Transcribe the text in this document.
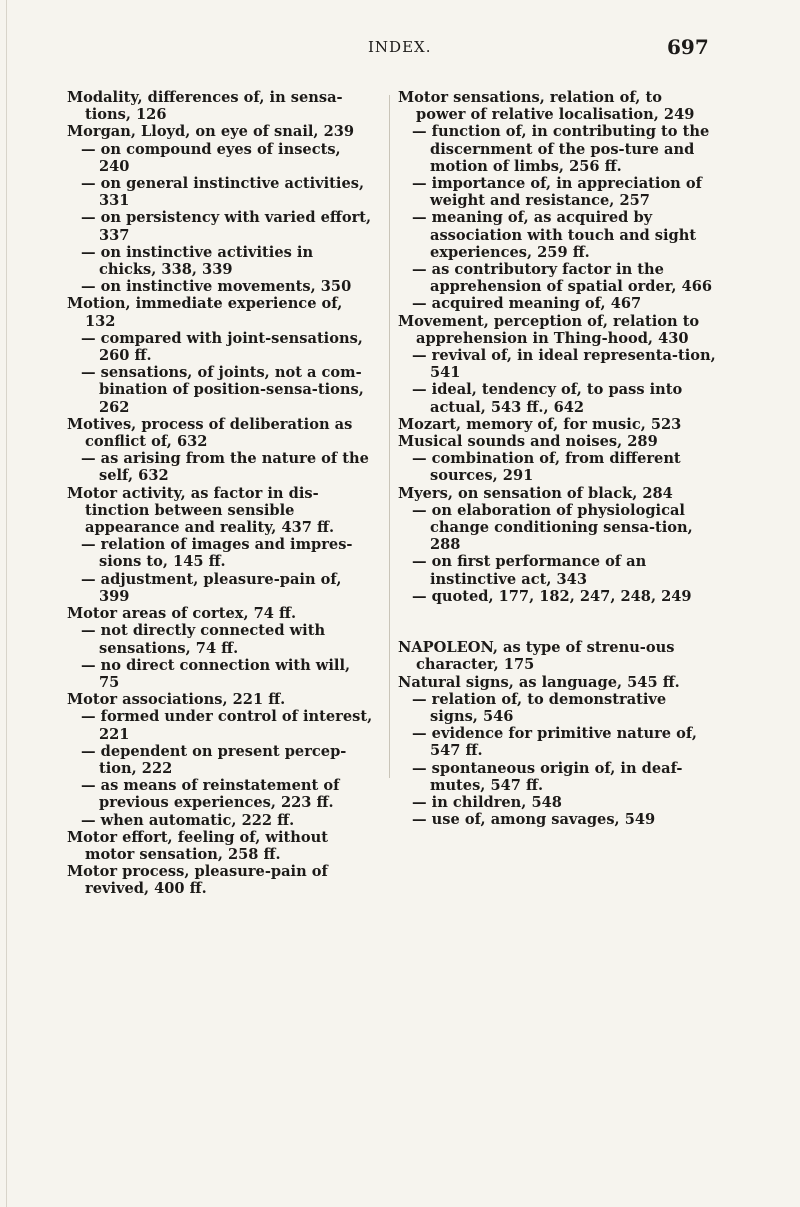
INDEX.	697

Modality, differences of, in sensa-tions, 126

Morgan, Lloyd, on eye of snail, 239

— on compound eyes of insects, 240

— on general instinctive activities, 331

— on persistency with varied effort, 337

— on instinctive activities in chicks, 338, 339

— on instinctive movements, 350

Motion, immediate experience of, 132

— compared with joint-sensations, 260 ff.

— sensations, of joints, not a com-bination of position-sensa-tions, 262

Motives, process of deliberation as conflict of, 632

— as arising from the nature of the self, 632

Motor activity, as factor in dis-tinction between sensible appearance and reality, 437 ff.

— relation of images and impres-sions to, 145 ff.

— adjustment, pleasure-pain of, 399

Motor areas of cortex, 74 ff.

— not directly connected with sensations, 74 ff.

— no direct connection with will, 75

Motor associations, 221 ff.

— formed under control of interest, 221

— dependent on present percep-tion, 222

— as means of reinstatement of previous experiences, 223 ff.

— when automatic, 222 ff.

Motor effort, feeling of, without motor sensation, 258 ff.

Motor process, pleasure-pain of revived, 400 ff.

Motor sensations, relation of, to power of relative localisation, 249

— function of, in contributing to the discernment of the pos-ture and motion of limbs, 256 ff.

— importance of, in appreciation of weight and resistance, 257

— meaning of, as acquired by association with touch and sight experiences, 259 ff.

— as contributory factor in the apprehension of spatial order, 466

— acquired meaning of, 467

Movement, perception of, relation to apprehension in Thing-hood, 430

— revival of, in ideal representa-tion, 541

— ideal, tendency of, to pass into actual, 543 ff., 642

Mozart, memory of, for music, 523

Musical sounds and noises, 289

— combination of, from different sources, 291

Myers, on sensation of black, 284

— on elaboration of physiological change conditioning sensa-tion, 288

— on first performance of an instinctive act, 343

— quoted, 177, 182, 247, 248, 249

NAPOLEON, as type of strenu-ous character, 175

Natural signs, as language, 545 ff.

— relation of, to demonstrative signs, 546

— evidence for primitive nature of, 547 ff.

— spontaneous origin of, in deaf-mutes, 547 ff.

— in children, 548

— use of, among savages, 549
